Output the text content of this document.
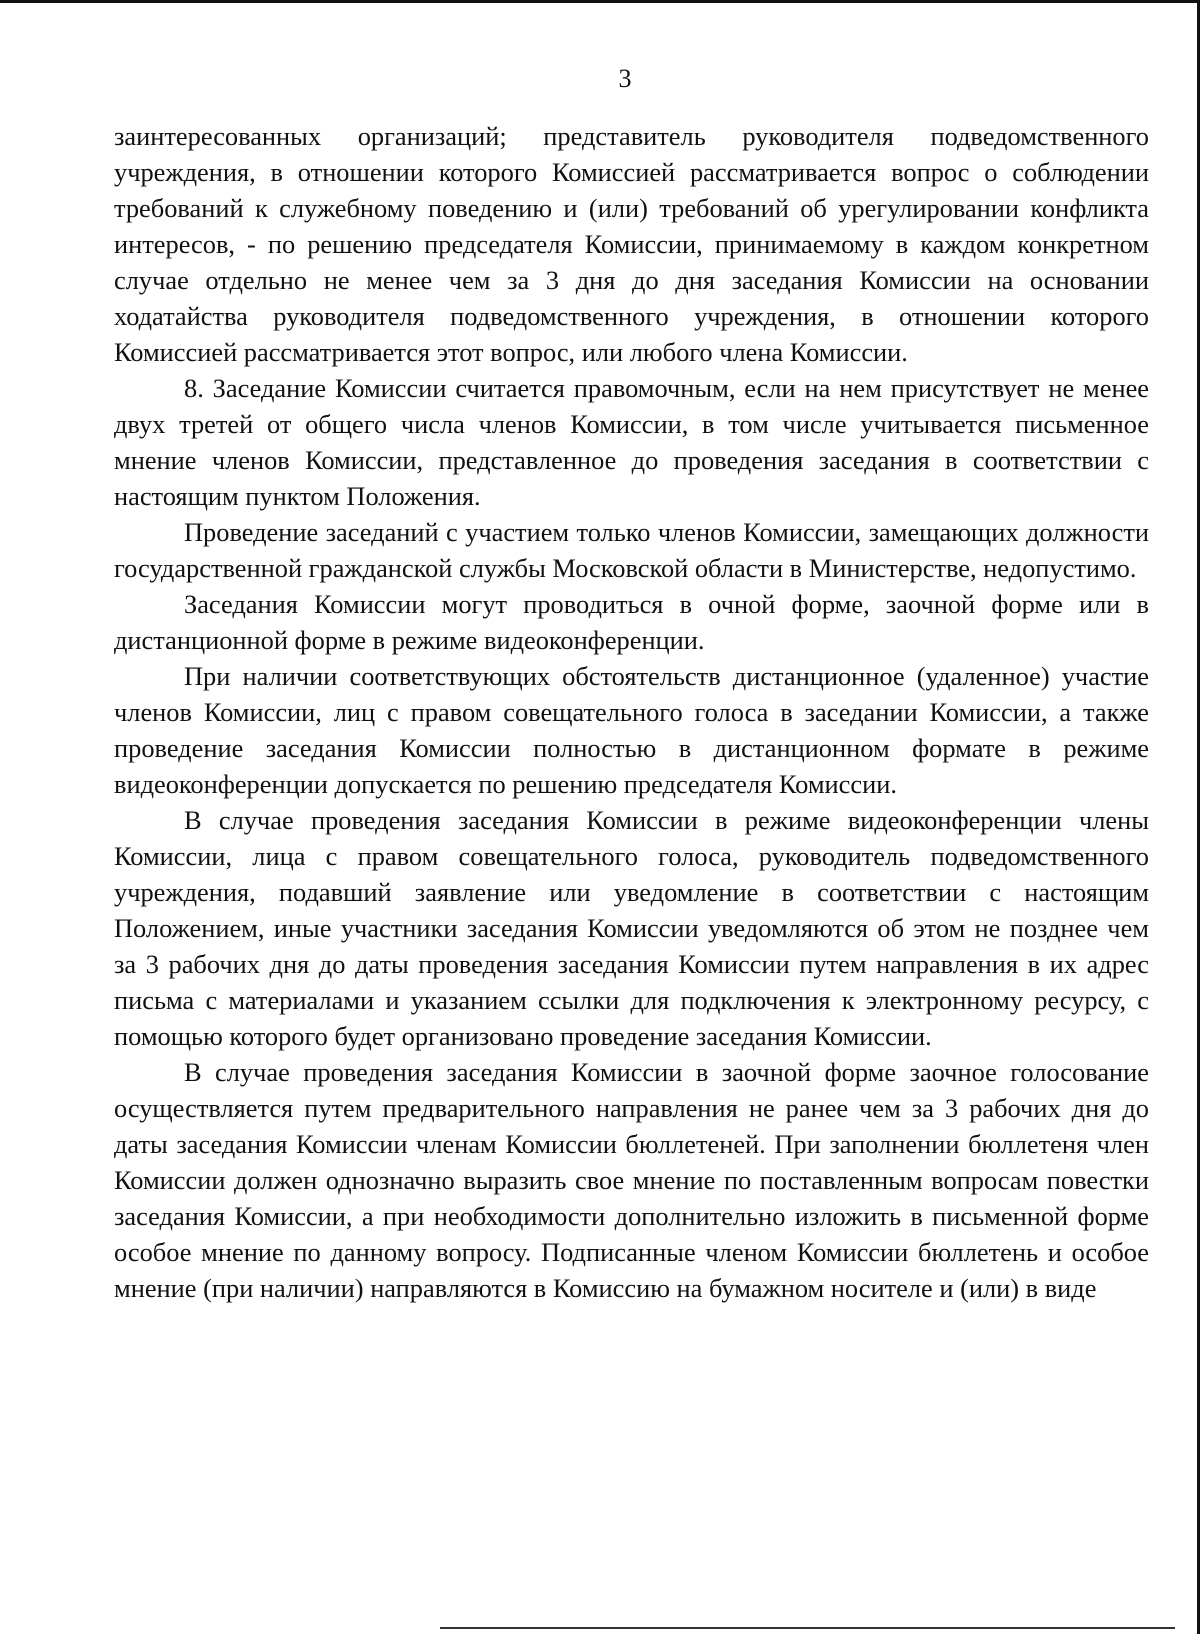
3

заинтересованных организаций; представитель руководителя подведомственного учреждения, в отношении которого Комиссией рассматривается вопрос о соблюдении требований к служебному поведению и (или) требований об урегулировании конфликта интересов, - по решению председателя Комиссии, принимаемому в каждом конкретном случае отдельно не менее чем за 3 дня до дня заседания Комиссии на основании ходатайства руководителя подведомственного учреждения, в отношении которого Комиссией рассматривается этот вопрос, или любого члена Комиссии.

8. Заседание Комиссии считается правомочным, если на нем присутствует не менее двух третей от общего числа членов Комиссии, в том числе учитывается письменное мнение членов Комиссии, представленное до проведения заседания в соответствии с настоящим пунктом Положения.

Проведение заседаний с участием только членов Комиссии, замещающих должности государственной гражданской службы Московской области в Министерстве, недопустимо.

Заседания Комиссии могут проводиться в очной форме, заочной форме или в дистанционной форме в режиме видеоконференции.

При наличии соответствующих обстоятельств дистанционное (удаленное) участие членов Комиссии, лиц с правом совещательного голоса в заседании Комиссии, а также проведение заседания Комиссии полностью в дистанционном формате в режиме видеоконференции допускается по решению председателя Комиссии.

В случае проведения заседания Комиссии в режиме видеоконференции члены Комиссии, лица с правом совещательного голоса, руководитель подведомственного учреждения, подавший заявление или уведомление в соответствии с настоящим Положением, иные участники заседания Комиссии уведомляются об этом не позднее чем за 3 рабочих дня до даты проведения заседания Комиссии путем направления в их адрес письма с материалами и указанием ссылки для подключения к электронному ресурсу, с помощью которого будет организовано проведение заседания Комиссии.

В случае проведения заседания Комиссии в заочной форме заочное голосование осуществляется путем предварительного направления не ранее чем за 3 рабочих дня до даты заседания Комиссии членам Комиссии бюллетеней. При заполнении бюллетеня член Комиссии должен однозначно выразить свое мнение по поставленным вопросам повестки заседания Комиссии, а при необходимости дополнительно изложить в письменной форме особое мнение по данному вопросу. Подписанные членом Комиссии бюллетень и особое мнение (при наличии) направляются в Комиссию на бумажном носителе и (или) в виде
